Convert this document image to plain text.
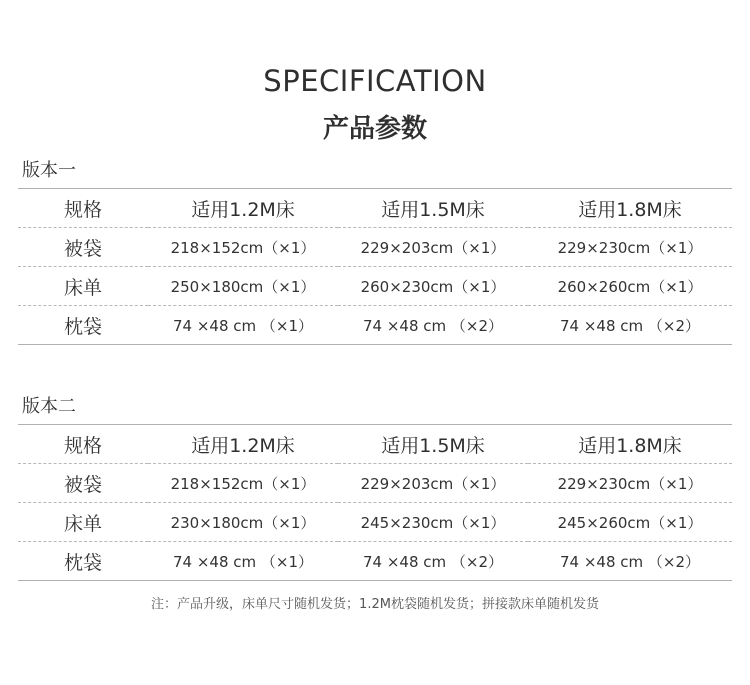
SPECIFICATION
产品参数
版本一
规格	适用1.2M床	适用1.5M床	适用1.8M床
被袋	218×152cm（×1）	229×203cm（×1）	229×230cm（×1）
床单	250×180cm（×1）	260×230cm（×1）	260×260cm（×1）
枕袋	74 ×48 cm （×1）	74 ×48 cm （×2）	74 ×48 cm （×2）
版本二
规格	适用1.2M床	适用1.5M床	适用1.8M床
被袋	218×152cm（×1）	229×203cm（×1）	229×230cm（×1）
床单	230×180cm（×1）	245×230cm（×1）	245×260cm（×1）
枕袋	74 ×48 cm （×1）	74 ×48 cm （×2）	74 ×48 cm （×2）
注：产品升级，床单尺寸随机发货；1.2M枕袋随机发货；拼接款床单随机发货
